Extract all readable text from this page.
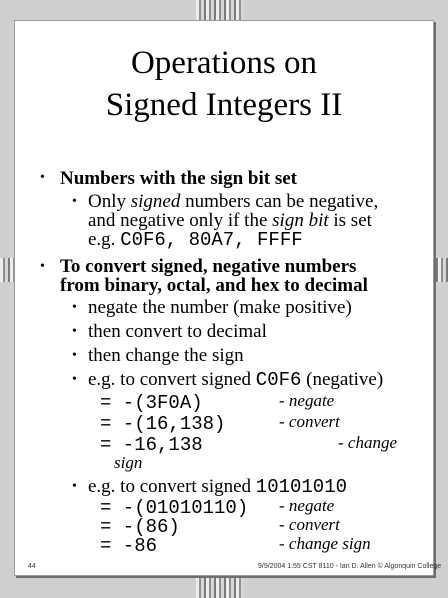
Operations on
Signed Integers II
• Numbers with the sign bit set
• Only signed numbers can be negative,
and negative only if the sign bit is set
e.g. C0F6, 80A7, FFFF
• To convert signed, negative numbers
from binary, octal, and hex to decimal
• negate the number (make positive)
• then convert to decimal
• then change the sign
• e.g. to convert signed C0F6 (negative)
= -(3F0A)	- negate
= -(16,138)	- convert
= -16,138	- change
sign
• e.g. to convert signed 10101010
= -(01010110) - negate
= -(86)	- convert
= -86	- change sign
44	9/9/2004 1:55 CST 8110 - Ian D. Allen © Algonquin College
